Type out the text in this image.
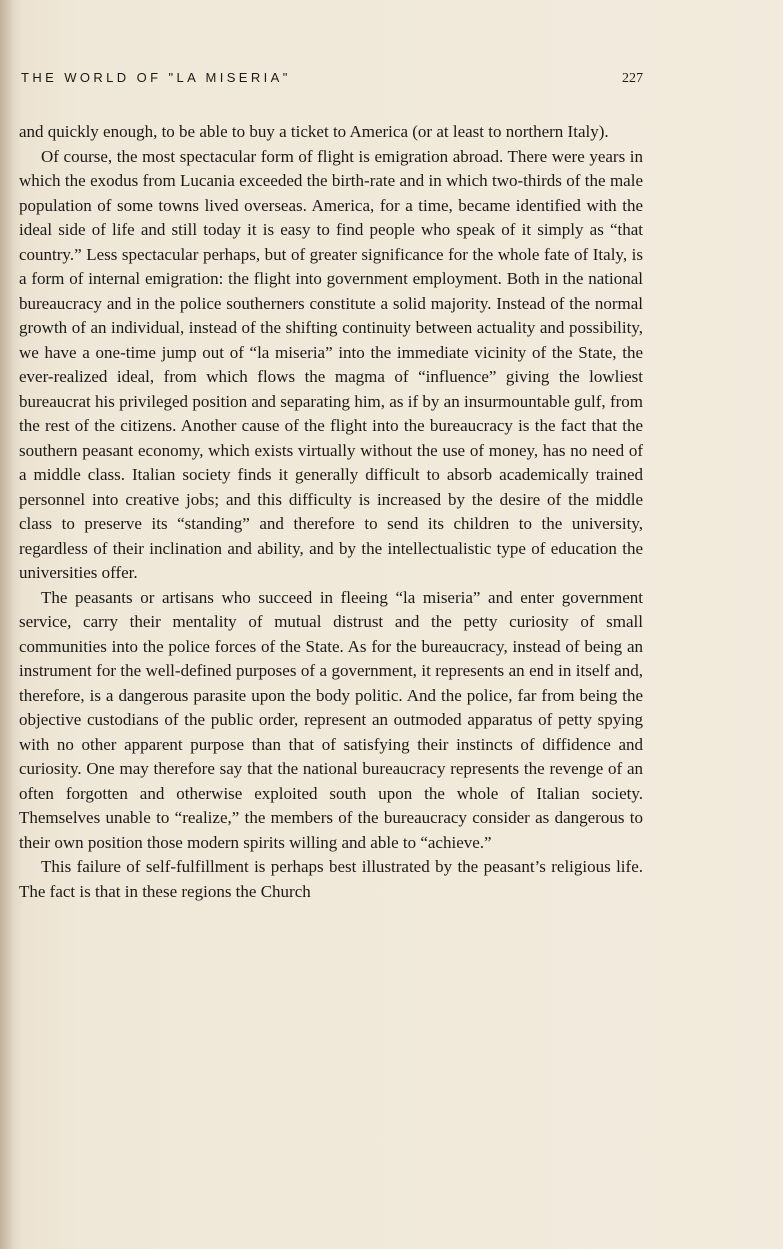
THE WORLD OF "LA MISERIA"	227

and quickly enough, to be able to buy a ticket to America (or at least to northern Italy).

Of course, the most spectacular form of flight is emigration abroad. There were years in which the exodus from Lucania exceeded the birth-rate and in which two-thirds of the male population of some towns lived overseas. America, for a time, became identified with the ideal side of life and still today it is easy to find people who speak of it simply as “that country.” Less spectacular perhaps, but of greater significance for the whole fate of Italy, is a form of internal emigration: the flight into government employment. Both in the national bureaucracy and in the police southerners constitute a solid majority. Instead of the normal growth of an individual, instead of the shifting continuity between actuality and possibility, we have a one-time jump out of “la miseria” into the immediate vicinity of the State, the ever-realized ideal, from which flows the magma of “influence” giving the lowliest bureaucrat his privileged position and separating him, as if by an insurmountable gulf, from the rest of the citizens. Another cause of the flight into the bureaucracy is the fact that the southern peasant economy, which exists virtually without the use of money, has no need of a middle class. Italian society finds it generally difficult to absorb academically trained personnel into creative jobs; and this difficulty is increased by the desire of the middle class to preserve its “standing” and therefore to send its children to the university, regardless of their inclination and ability, and by the intellectualistic type of education the universities offer.

The peasants or artisans who succeed in fleeing “la miseria” and enter government service, carry their mentality of mutual distrust and the petty curiosity of small communities into the police forces of the State. As for the bureaucracy, instead of being an instrument for the well-defined purposes of a government, it represents an end in itself and, therefore, is a dangerous parasite upon the body politic. And the police, far from being the objective custodians of the public order, represent an outmoded apparatus of petty spying with no other apparent purpose than that of satisfying their instincts of diffidence and curiosity. One may therefore say that the national bureaucracy represents the revenge of an often forgotten and otherwise exploited south upon the whole of Italian society. Themselves unable to “realize,” the members of the bureaucracy consider as dangerous to their own position those modern spirits willing and able to “achieve.”

This failure of self-fulfillment is perhaps best illustrated by the peasant’s religious life. The fact is that in these regions the Church
